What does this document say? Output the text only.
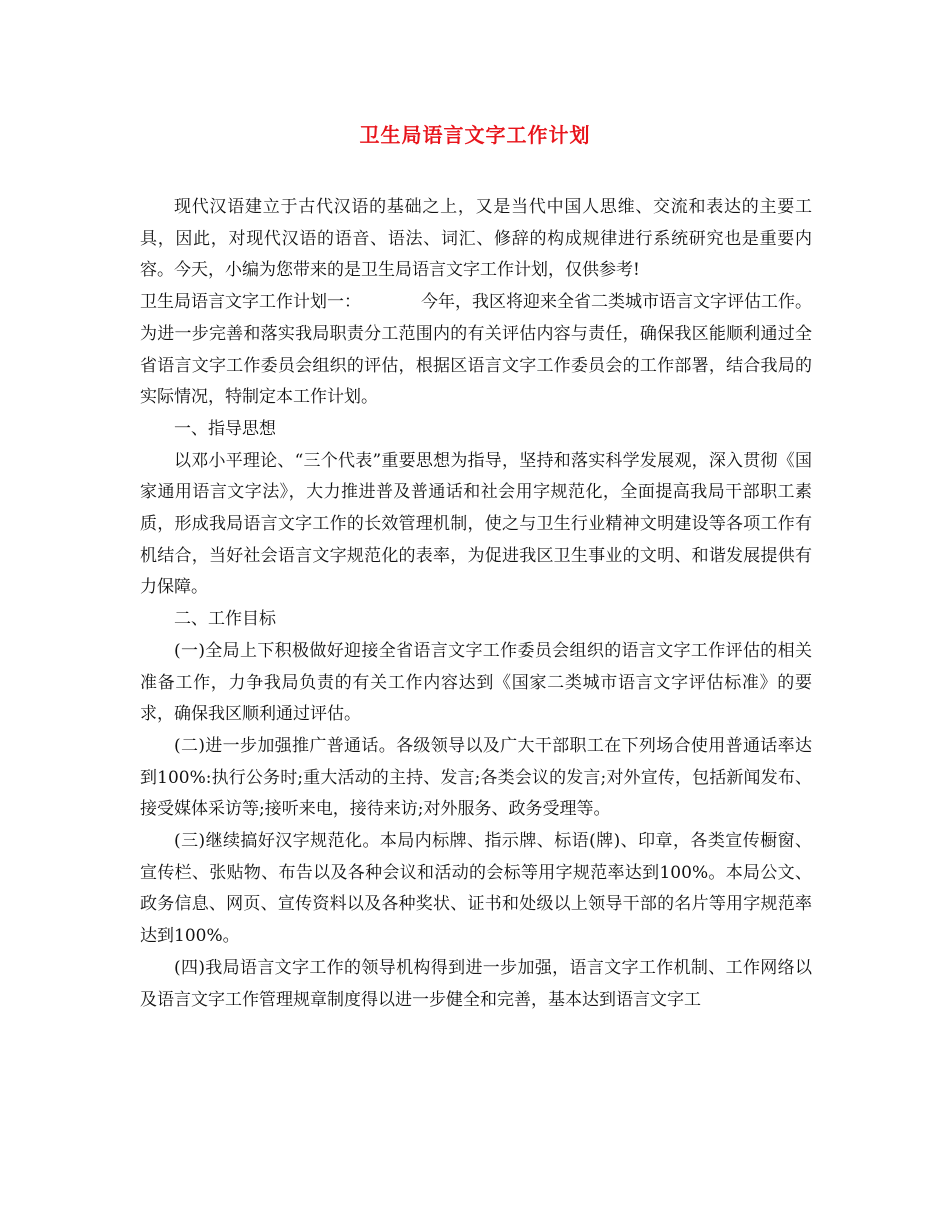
卫生局语言文字工作计划

现代汉语建立于古代汉语的基础之上，又是当代中国人思维、交流和表达的主要工具，因此，对现代汉语的语音、语法、词汇、修辞的构成规律进行系统研究也是重要内容。今天，小编为您带来的是卫生局语言文字工作计划，仅供参考!

卫生局语言文字工作计划一：	今年，我区将迎来全省二类城市语言文字评估工作。为进一步完善和落实我局职责分工范围内的有关评估内容与责任，确保我区能顺利通过全省语言文字工作委员会组织的评估，根据区语言文字工作委员会的工作部署，结合我局的实际情况，特制定本工作计划。

一、指导思想

以邓小平理论、“三个代表”重要思想为指导，坚持和落实科学发展观，深入贯彻《国家通用语言文字法》，大力推进普及普通话和社会用字规范化，全面提高我局干部职工素质，形成我局语言文字工作的长效管理机制，使之与卫生行业精神文明建设等各项工作有机结合，当好社会语言文字规范化的表率，为促进我区卫生事业的文明、和谐发展提供有力保障。

二、工作目标

(一)全局上下积极做好迎接全省语言文字工作委员会组织的语言文字工作评估的相关准备工作，力争我局负责的有关工作内容达到《国家二类城市语言文字评估标准》的要求，确保我区顺利通过评估。

(二)进一步加强推广普通话。各级领导以及广大干部职工在下列场合使用普通话率达到100%:执行公务时;重大活动的主持、发言;各类会议的发言;对外宣传，包括新闻发布、接受媒体采访等;接听来电，接待来访;对外服务、政务受理等。

(三)继续搞好汉字规范化。本局内标牌、指示牌、标语(牌)、印章，各类宣传橱窗、宣传栏、张贴物、布告以及各种会议和活动的会标等用字规范率达到100%。本局公文、政务信息、网页、宣传资料以及各种奖状、证书和处级以上领导干部的名片等用字规范率达到100%。

(四)我局语言文字工作的领导机构得到进一步加强，语言文字工作机制、工作网络以及语言文字工作管理规章制度得以进一步健全和完善，基本达到语言文字工
